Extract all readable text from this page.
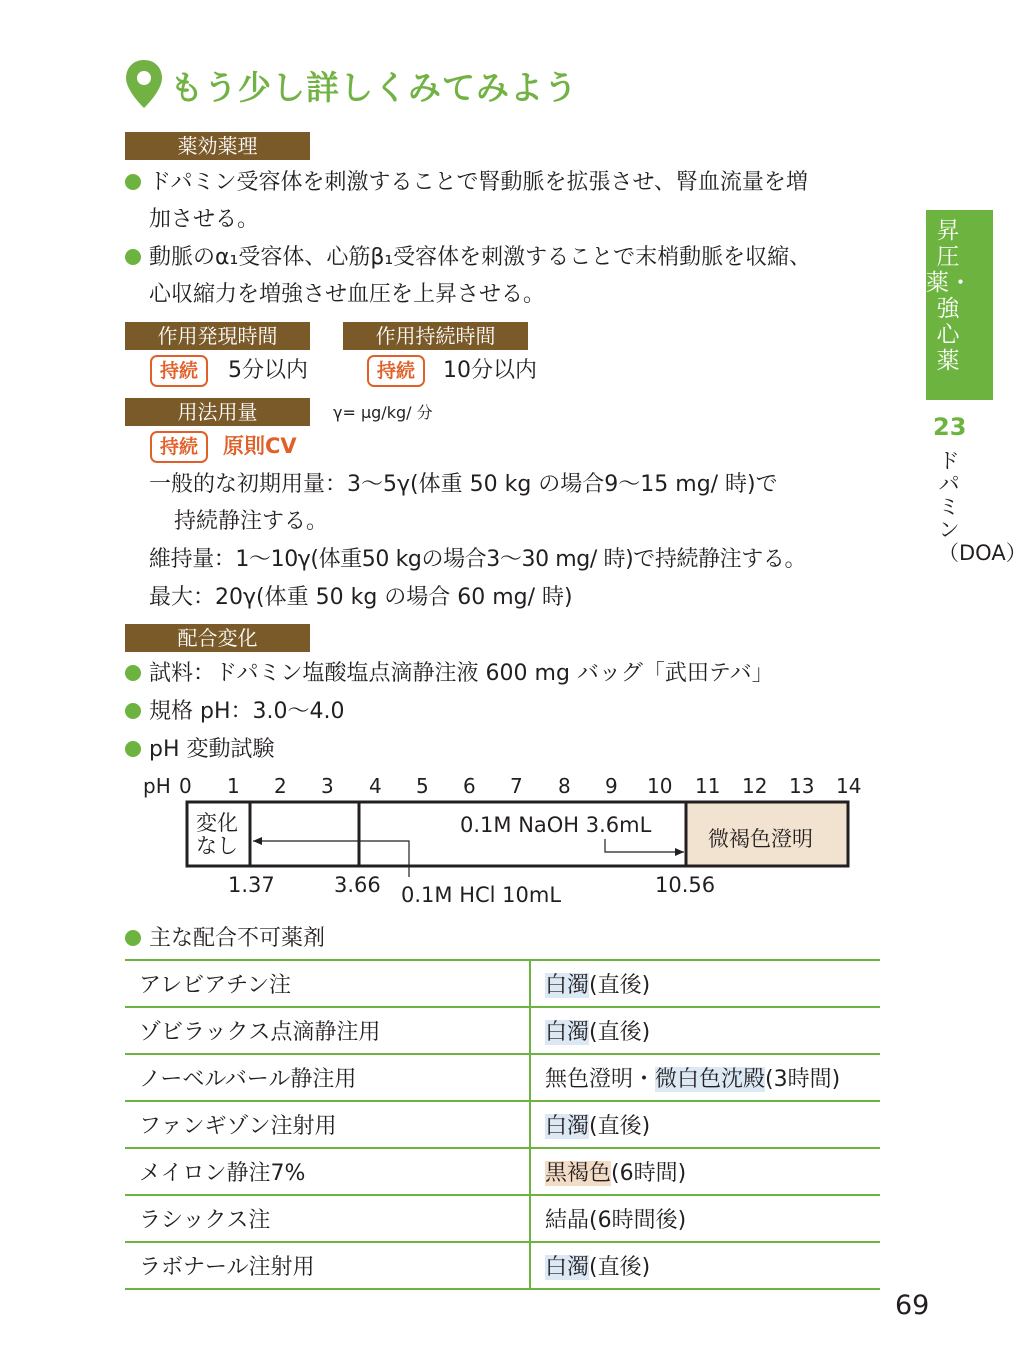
もう少し詳しくみてみよう
薬効薬理
ドパミン受容体を刺激することで腎動脈を拡張させ、腎血流量を増
加させる。
動脈のα₁受容体、心筋β₁受容体を刺激することで末梢動脈を収縮、
心収縮力を増強させ血圧を上昇させる。
作用発現時間	作用持続時間
持続	5分以内	持続	10分以内
用法用量	γ= μg/kg/ 分
持続	原則CV
一般的な初期用量：3～5γ(体重 50 kg の場合9～15 mg/ 時)で
持続静注する。
維持量：1～10γ(体重50 kgの場合3～30 mg/ 時)で持続静注する。
最大：20γ(体重 50 kg の場合 60 mg/ 時)
配合変化
試料：ドパミン塩酸塩点滴静注液 600 mg バッグ「武田テバ」
規格 pH：3.0～4.0
pH 変動試験
pH 0 1 2 3 4 5 6 7 8 9 10 11 12 13 14
変化
なし
0.1M NaOH 3.6mL
微褐色澄明
1.37	3.66 0.1M HCl 10mL	10.56
主な配合不可薬剤
アレビアチン注	白濁(直後)
ゾビラックス点滴静注用	白濁(直後)
ノーベルバール静注用	無色澄明・微白色沈殿(3時間)
ファンギゾン注射用	白濁(直後)
メイロン静注7%	黒褐色(6時間)
ラシックス注	結晶(6時間後)
ラボナール注射用	白濁(直後)
昇圧薬・強心薬
23
ドパミン（DOA）
69
